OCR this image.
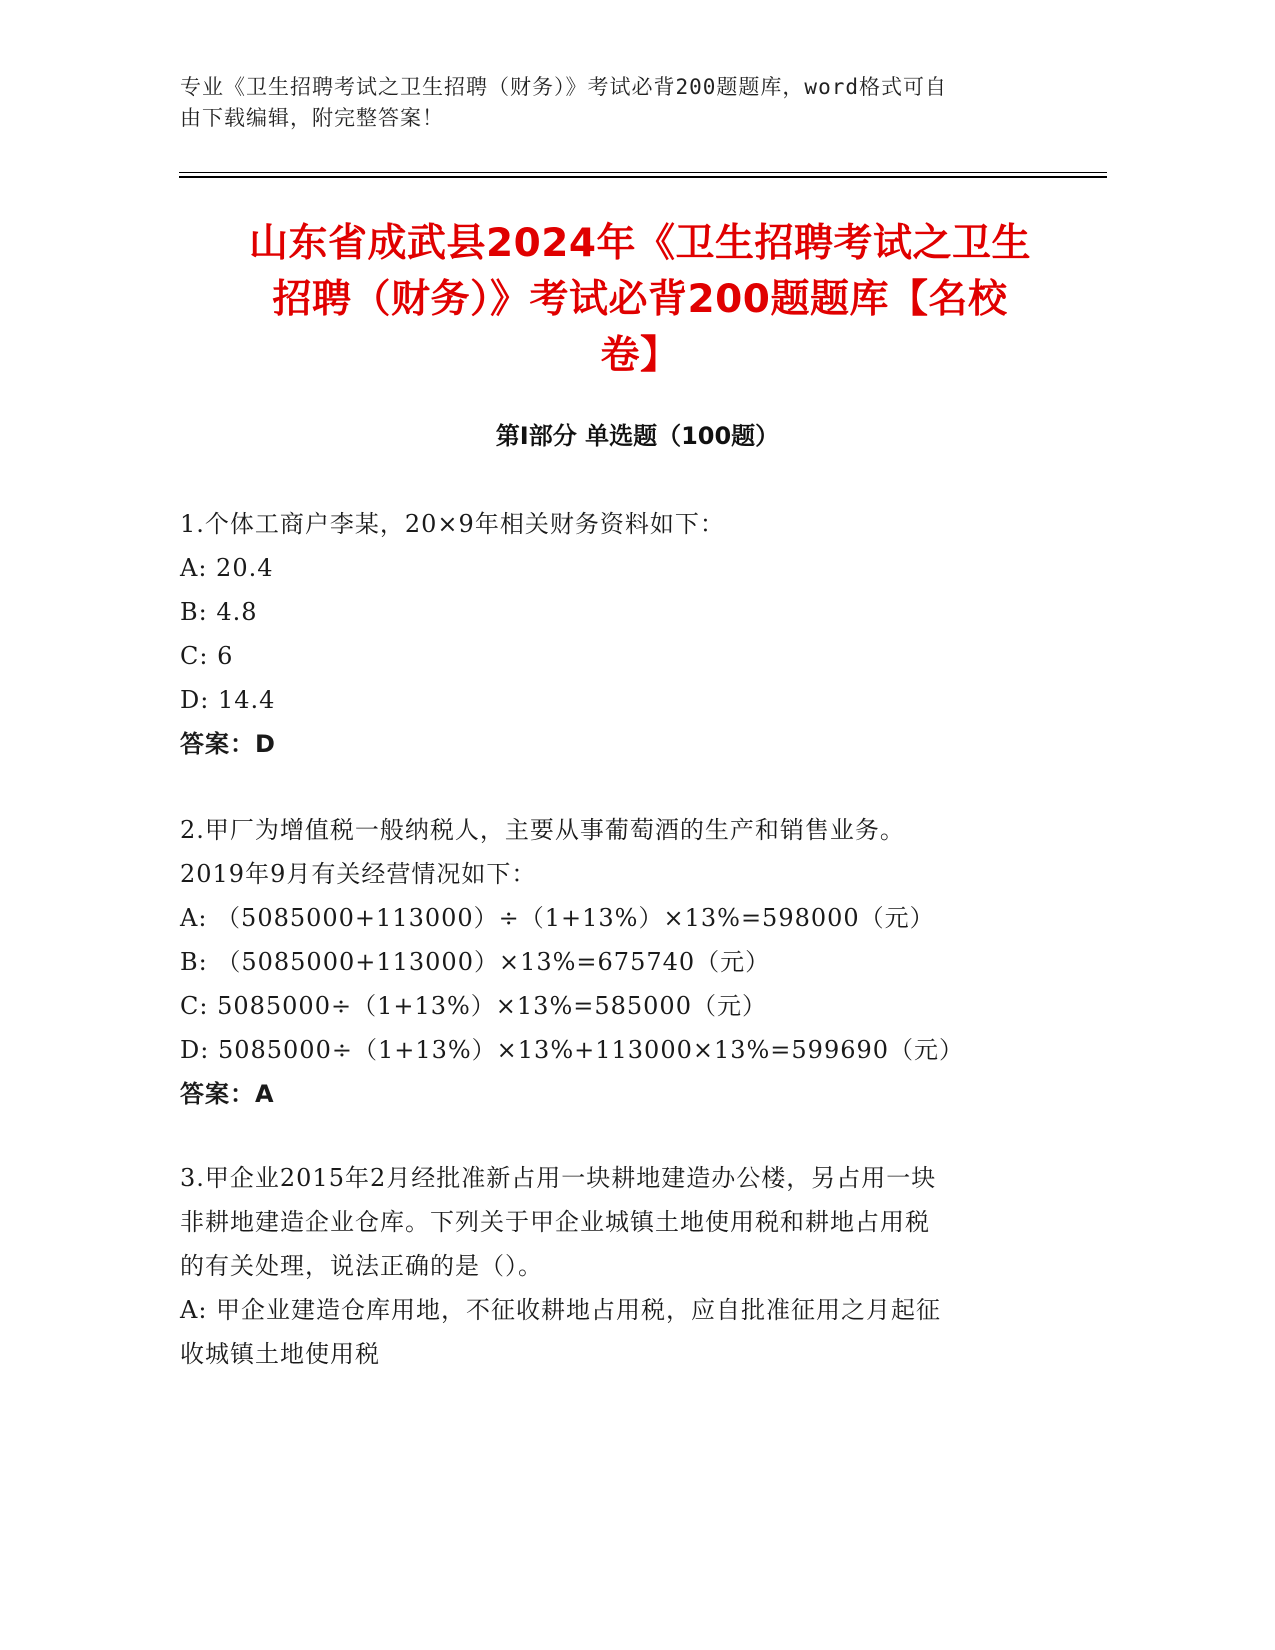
专业《卫生招聘考试之卫生招聘（财务）》考试必背200题题库，word格式可自
由下载编辑，附完整答案！
山东省成武县2024年《卫生招聘考试之卫生
招聘（财务）》考试必背200题题库【名校
卷】
第I部分 单选题（100题）
1.个体工商户李某，20×9年相关财务资料如下：
A: 20.4
B: 4.8
C: 6
D: 14.4
答案：D
2.甲厂为增值税一般纳税人，主要从事葡萄酒的生产和销售业务。
2019年9月有关经营情况如下：
A: （5085000+113000）÷（1+13%）×13%=598000（元）
B: （5085000+113000）×13%=675740（元）
C: 5085000÷（1+13%）×13%=585000（元）
D: 5085000÷（1+13%）×13%+113000×13%=599690（元）
答案：A
3.甲企业2015年2月经批准新占用一块耕地建造办公楼，另占用一块
非耕地建造企业仓库。下列关于甲企业城镇土地使用税和耕地占用税
的有关处理，说法正确的是（）。
A: 甲企业建造仓库用地，不征收耕地占用税，应自批准征用之月起征
收城镇土地使用税
